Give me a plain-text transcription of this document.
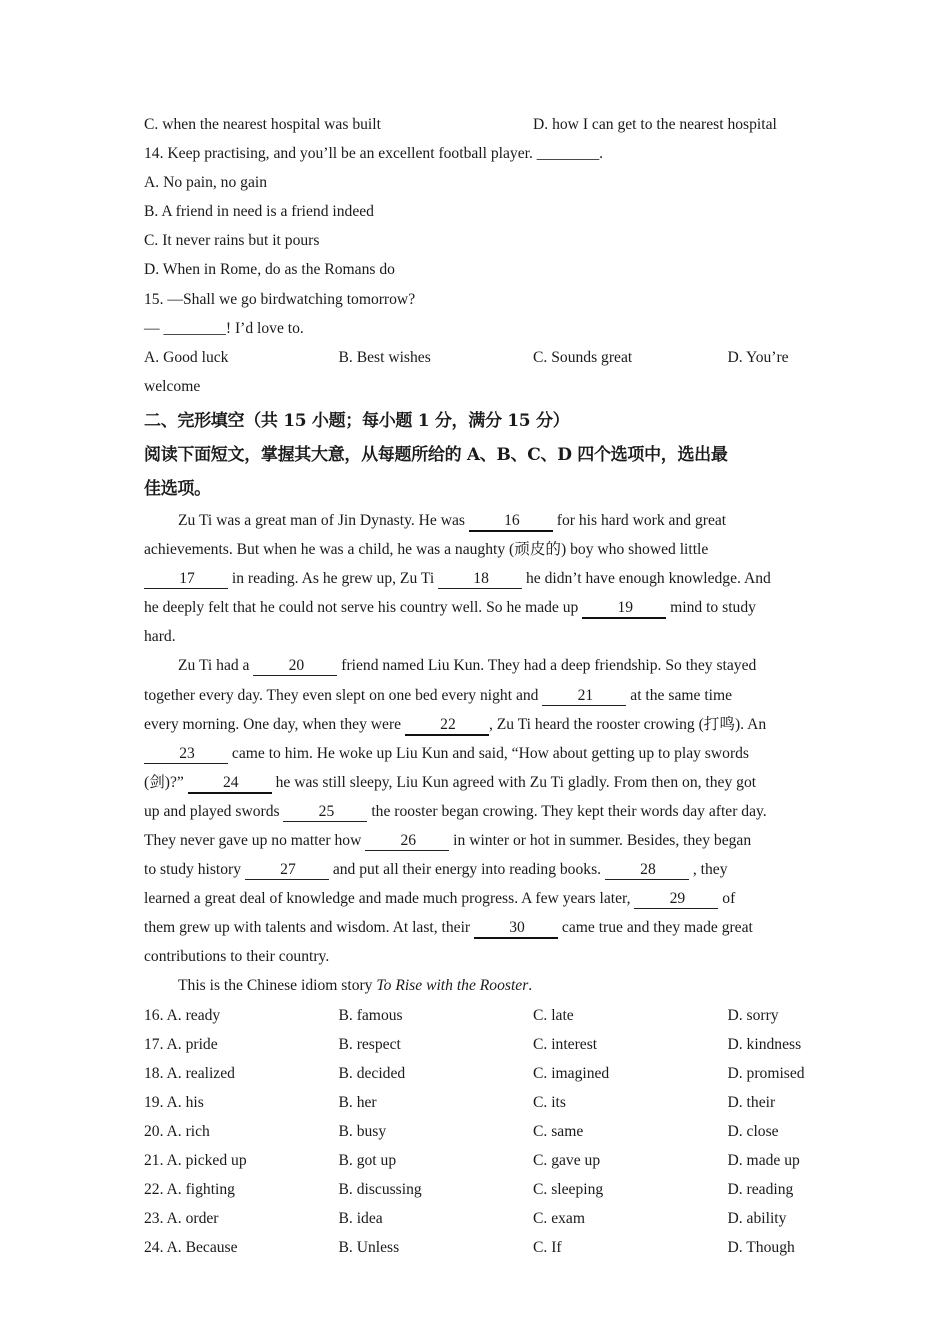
C. when the nearest hospital was built	D. how I can get to the nearest hospital
14. Keep practising, and you’ll be an excellent football player. ________.
A. No pain, no gainB. A friend in need is a friend indeed
C. It never rains but it poursD. When in Rome, do as the Romans do
15. —Shall we go birdwatching tomorrow?
— ________! I’d love to.
A. Good luck	B. Best wishes	C. Sounds great	D. You’re welcome
二、完形填空（共 15 小题；每小题 1 分，满分 15 分）
阅读下面短文，掌握其大意，从每题所给的 A、B、C、D 四个选项中，选出最
佳选项。
Zu Ti was a great man of Jin Dynasty. He was 16 for his hard work and great
achievements. But when he was a child, he was a naughty (顽皮的) boy who showed little
17 in reading. As he grew up, Zu Ti 18 he didn’t have enough knowledge. And
he deeply felt that he could not serve his country well. So he made up 19 mind to study
hard.
Zu Ti had a 20 friend named Liu Kun. They had a deep friendship. So they stayed
together every day. They even slept on one bed every night and 21 at the same time
every morning. One day, when they were 22 , Zu Ti heard the rooster crowing (打鸣). An
23 came to him. He woke up Liu Kun and said, “How about getting up to play swords
(剑)?” 24 he was still sleepy, Liu Kun agreed with Zu Ti gladly. From then on, they got
up and played swords 25 the rooster began crowing. They kept their words day after day.
They never gave up no matter how 26 in winter or hot in summer. Besides, they began
to study history 27 and put all their energy into reading books. 28 , they
learned a great deal of knowledge and made much progress. A few years later, 29 of
them grew up with talents and wisdom. At last, their 30 came true and they made great
contributions to their country.
This is the Chinese idiom story To Rise with the Rooster.
16. A. ready	B. famous	C. late	D. sorry
17. A. pride	B. respect	C. interest	D. kindness
18. A. realized	B. decided	C. imagined	D. promised
19. A. his	B. her	C. its	D. their
20. A. rich	B. busy	C. same	D. close
21. A. picked up	B. got up	C. gave up	D. made up
22. A. fighting	B. discussing	C. sleeping	D. reading
23. A. order	B. idea	C. exam	D. ability
24. A. Because	B. Unless	C. If	D. Though
